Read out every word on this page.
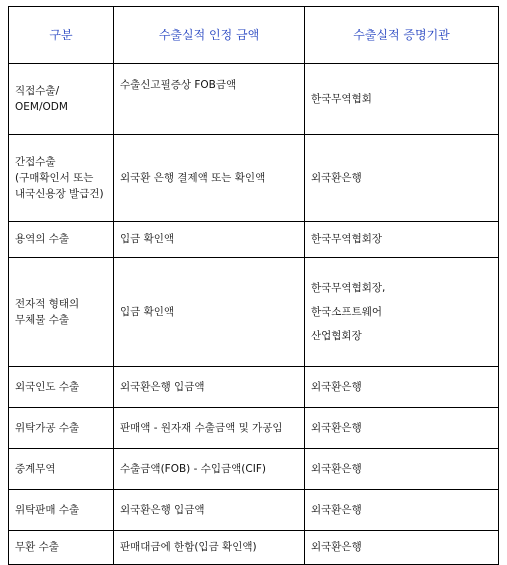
구분	수출실적 인정 금액	수출실적 증명기관

직접수출/
OEM/ODM	수출신고필증상 FOB금액	한국무역협회

간접수출
(구매확인서 또는
내국신용장 발급건)	외국환 은행 결제액 또는 확인액	외국환은행
용역의 수출	입금 확인액	한국무역협회장

전자적 형태의
무체물 수출	입금 확인액	한국무역협회장,
한국소프트웨어
산업협회장

외국인도 수출	외국환은행 입금액	외국환은행
위탁가공 수출	판매액 - 원자재 수출금액 및 가공임	외국환은행
중계무역	수출금액(FOB) - 수입금액(CIF)	외국환은행
위탁판매 수출	외국환은행 입금액	외국환은행
무환 수출	판매대금에 한함(입금 확인액)	외국환은행
